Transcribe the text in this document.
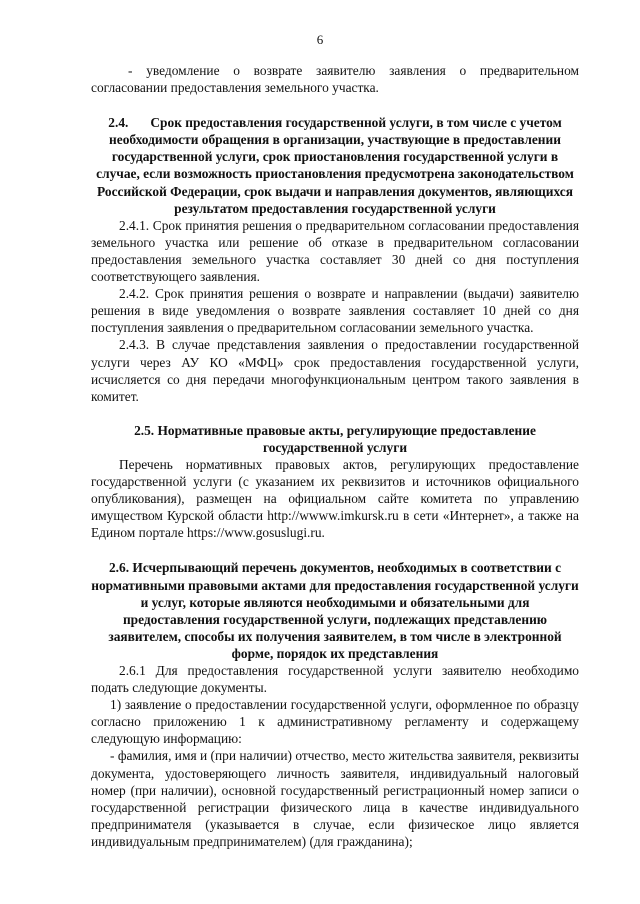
6

- уведомление о возврате заявителю заявления о предварительном согласовании предоставления земельного участка.

2.4. Срок предоставления государственной услуги, в том числе с учетом необходимости обращения в организации, участвующие в предоставлении государственной услуги, срок приостановления государственной услуги в случае, если возможность приостановления предусмотрена законодательством Российской Федерации, срок выдачи и направления документов, являющихся результатом предоставления государственной услуги

2.4.1. Срок принятия решения о предварительном согласовании предоставления земельного участка или решение об отказе в предварительном согласовании предоставления земельного участка составляет 30 дней со дня поступления соответствующего заявления.

2.4.2. Срок принятия решения о возврате и направлении (выдачи) заявителю решения в виде уведомления о возврате заявления составляет 10 дней со дня поступления заявления о предварительном согласовании земельного участка.

2.4.3. В случае представления заявления о предоставлении государственной услуги через АУ КО «МФЦ» срок предоставления государственной услуги, исчисляется со дня передачи многофункциональным центром такого заявления в комитет.

2.5. Нормативные правовые акты, регулирующие предоставление государственной услуги

Перечень нормативных правовых актов, регулирующих предоставление государственной услуги (с указанием их реквизитов и источников официального опубликования), размещен на официальном сайте комитета по управлению имуществом Курской области http://wwww.imkursk.ru в сети «Интернет», а также на Едином портале https://www.gosuslugi.ru.

2.6. Исчерпывающий перечень документов, необходимых в соответствии с нормативными правовыми актами для предоставления государственной услуги и услуг, которые являются необходимыми и обязательными для предоставления государственной услуги, подлежащих представлению заявителем, способы их получения заявителем, в том числе в электронной форме, порядок их представления

2.6.1 Для предоставления государственной услуги заявителю необходимо подать следующие документы.

1) заявление о предоставлении государственной услуги, оформленное по образцу согласно приложению 1 к административному регламенту и содержащему следующую информацию:

- фамилия, имя и (при наличии) отчество, место жительства заявителя, реквизиты документа, удостоверяющего личность заявителя, индивидуальный налоговый номер (при наличии), основной государственный регистрационный номер записи о государственной регистрации физического лица в качестве индивидуального предпринимателя (указывается в случае, если физическое лицо является индивидуальным предпринимателем) (для гражданина);
